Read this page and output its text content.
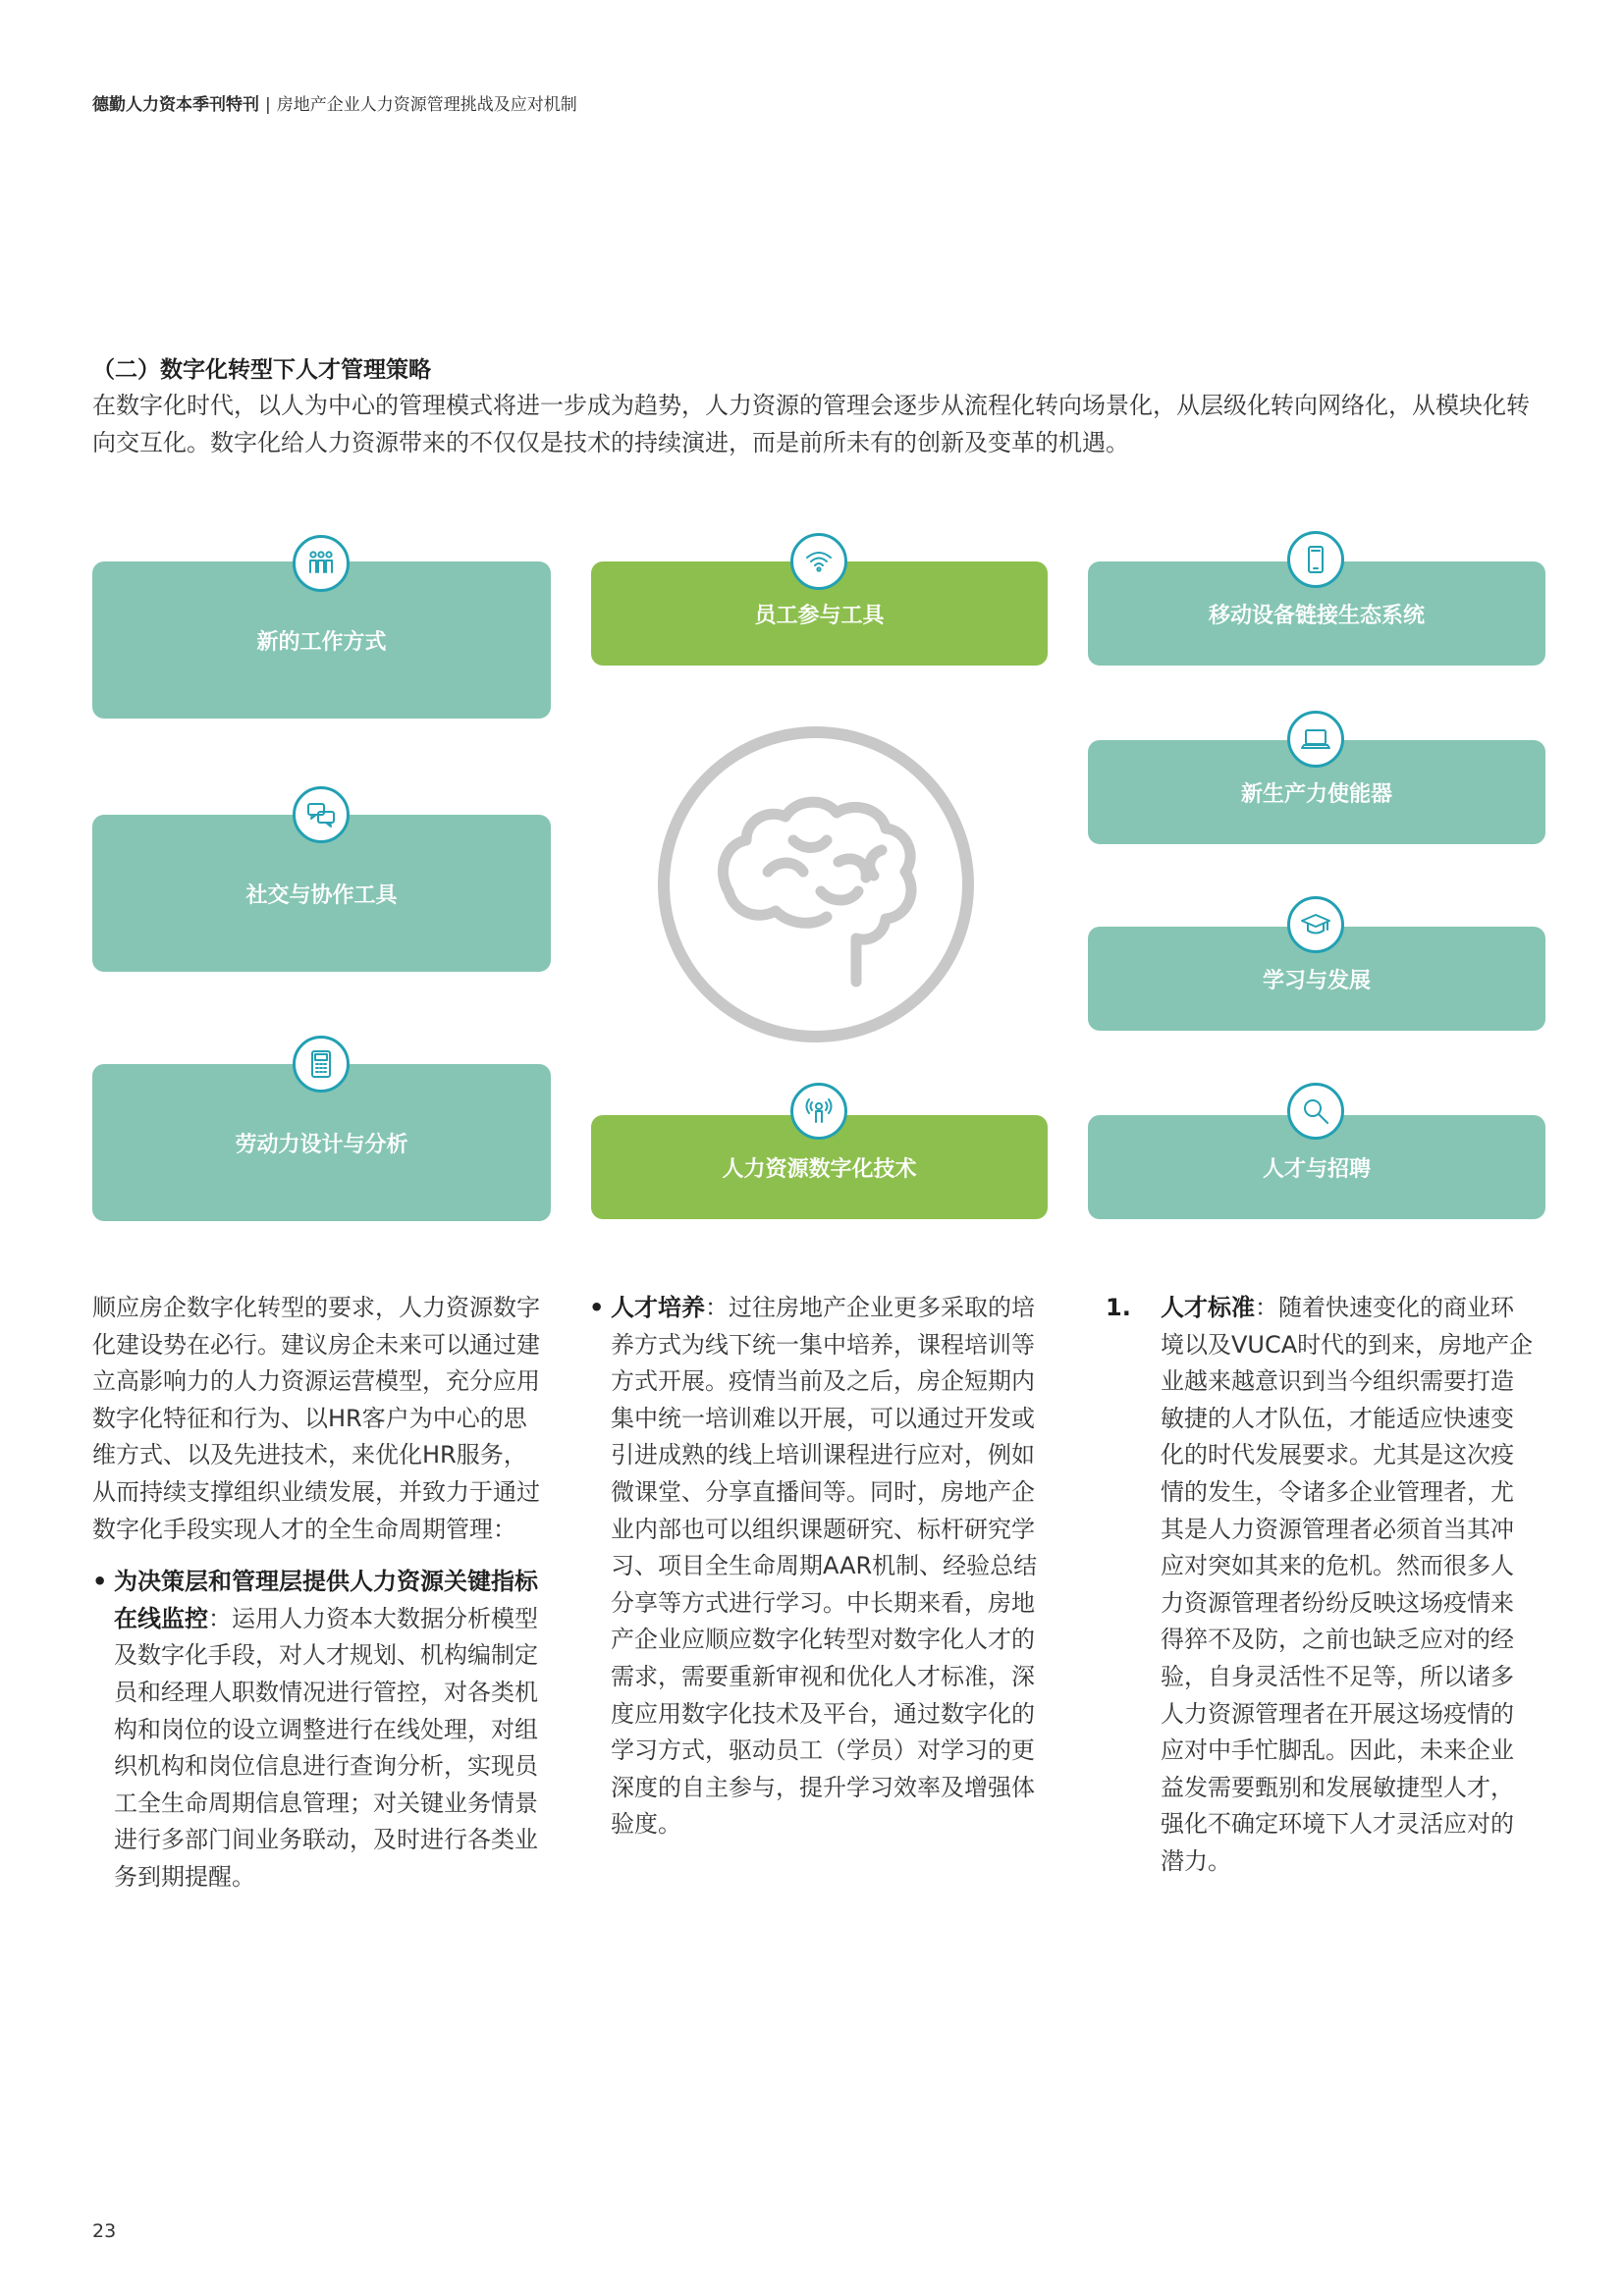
德勤人力资本季刊特刊 | 房地产企业人力资源管理挑战及应对机制
（二）数字化转型下人才管理策略
在数字化时代，以人为中心的管理模式将进一步成为趋势，人力资源的管理会逐步从流程化转向场景化，从层级化转向网络化，从模块化转向交互化。数字化给人力资源带来的不仅仅是技术的持续演进，而是前所未有的创新及变革的机遇。
新的工作方式
社交与协作工具
劳动力设计与分析
员工参与工具
人力资源数字化技术
移动设备链接生态系统
新生产力使能器
学习与发展
人才与招聘

顺应房企数字化转型的要求，人力资源数字化建设势在必行。建议房企未来可以通过建立高影响力的人力资源运营模型，充分应用数字化特征和行为、以HR客户为中心的思维方式、以及先进技术，来优化HR服务，从而持续支撑组织业绩发展，并致力于通过数字化手段实现人才的全生命周期管理：

• 为决策层和管理层提供人力资源关键指标在线监控：运用人力资本大数据分析模型及数字化手段，对人才规划、机构编制定员和经理人职数情况进行管控，对各类机构和岗位的设立调整进行在线处理，对组织机构和岗位信息进行查询分析，实现员工全生命周期信息管理；对关键业务情景进行多部门间业务联动，及时进行各类业务到期提醒。
• 人才培养：过往房地产企业更多采取的培养方式为线下统一集中培养，课程培训等方式开展。疫情当前及之后，房企短期内集中统一培训难以开展，可以通过开发或引进成熟的线上培训课程进行应对，例如微课堂、分享直播间等。同时，房地产企业内部也可以组织课题研究、标杆研究学习、项目全生命周期AAR机制、经验总结分享等方式进行学习。中长期来看，房地产企业应顺应数字化转型对数字化人才的需求，需要重新审视和优化人才标准，深度应用数字化技术及平台，通过数字化的学习方式，驱动员工（学员）对学习的更深度的自主参与，提升学习效率及增强体验度。
1. 人才标准：随着快速变化的商业环境以及VUCA时代的到来，房地产企业越来越意识到当今组织需要打造敏捷的人才队伍，才能适应快速变化的时代发展要求。尤其是这次疫情的发生，令诸多企业管理者，尤其是人力资源管理者必须首当其冲应对突如其来的危机。然而很多人力资源管理者纷纷反映这场疫情来得猝不及防，之前也缺乏应对的经验，自身灵活性不足等，所以诸多人力资源管理者在开展这场疫情的应对中手忙脚乱。因此，未来企业益发需要甄别和发展敏捷型人才，强化不确定环境下人才灵活应对的潜力。
23
